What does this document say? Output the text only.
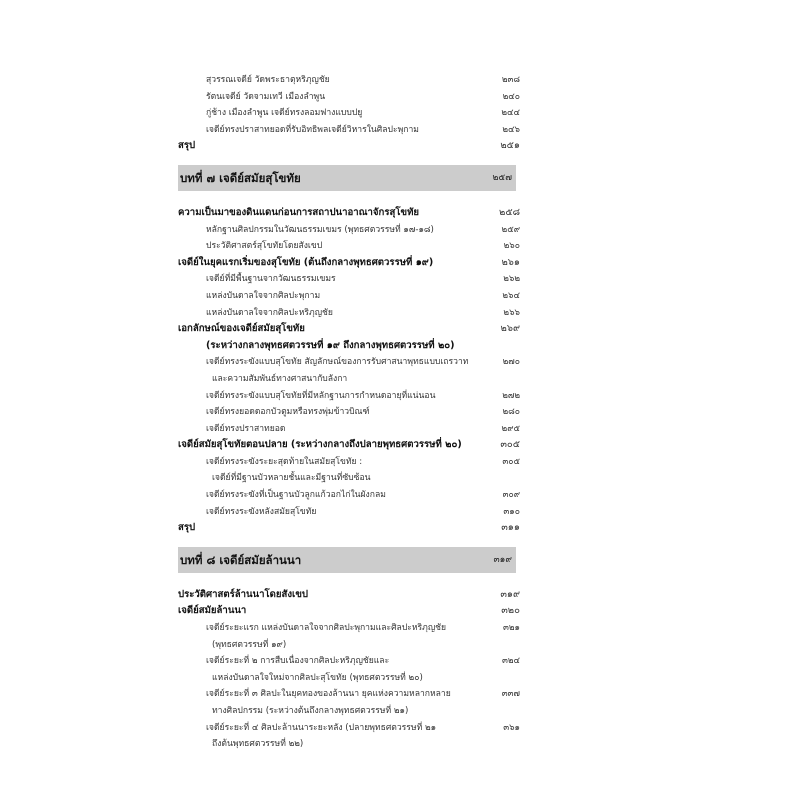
สุวรรณเจดีย์ วัดพระธาตุหริภุญชัย	๒๓๘
รัตนเจดีย์ วัดจามเทวี เมืองลำพูน	๒๔๐
กู่ช้าง เมืองลำพูน เจดีย์ทรงลอมฟางแบบปยู	๒๔๔
เจดีย์ทรงปราสาทยอดที่รับอิทธิพลเจดีย์วิหารในศิลปะพุกาม	๒๔๖
สรุป	๒๕๑
บทที่ ๗ เจดีย์สมัยสุโขทัย	๒๕๗
ความเป็นมาของดินแดนก่อนการสถาปนาอาณาจักรสุโขทัย	๒๕๘
หลักฐานศิลปกรรมในวัฒนธรรมเขมร (พุทธศตวรรษที่ ๑๗-๑๘)	๒๕๙
ประวัติศาสตร์สุโขทัยโดยสังเขป	๒๖๐
เจดีย์ในยุคแรกเริ่มของสุโขทัย (ต้นถึงกลางพุทธศตวรรษที่ ๑๙)	๒๖๑
เจดีย์ที่มีพื้นฐานจากวัฒนธรรมเขมร	๒๖๒
แหล่งบันดาลใจจากศิลปะพุกาม	๒๖๔
แหล่งบันดาลใจจากศิลปะหริภุญชัย	๒๖๖
เอกลักษณ์ของเจดีย์สมัยสุโขทัย	๒๖๙
(ระหว่างกลางพุทธศตวรรษที่ ๑๙ ถึงกลางพุทธศตวรรษที่ ๒๐)
เจดีย์ทรงระฆังแบบสุโขทัย สัญลักษณ์ของการรับศาสนาพุทธแบบเถรวาท	๒๗๐
และความสัมพันธ์ทางศาสนากับลังกา
เจดีย์ทรงระฆังแบบสุโขทัยที่มีหลักฐานการกำหนดอายุที่แน่นอน	๒๗๒
เจดีย์ทรงยอดดอกบัวตูมหรือทรงพุ่มข้าวบิณฑ์	๒๘๐
เจดีย์ทรงปราสาทยอด	๒๙๕
เจดีย์สมัยสุโขทัยตอนปลาย (ระหว่างกลางถึงปลายพุทธศตวรรษที่ ๒๐)	๓๐๕
เจดีย์ทรงระฆังระยะสุดท้ายในสมัยสุโขทัย :	๓๐๕
เจดีย์ที่มีฐานบัวหลายชั้นและมีฐานที่ซับซ้อน
เจดีย์ทรงระฆังที่เป็นฐานบัวลูกแก้วอกไก่ในผังกลม	๓๐๙
เจดีย์ทรงระฆังหลังสมัยสุโขทัย	๓๑๐
สรุป	๓๑๑
บทที่ ๘ เจดีย์สมัยล้านนา	๓๑๙
ประวัติศาสตร์ล้านนาโดยสังเขป	๓๑๙
เจดีย์สมัยล้านนา	๓๒๐
เจดีย์ระยะแรก แหล่งบันดาลใจจากศิลปะพุกามและศิลปะหริภุญชัย	๓๒๑
(พุทธศตวรรษที่ ๑๙)
เจดีย์ระยะที่ ๒ การสืบเนื่องจากศิลปะหริภุญชัยและ	๓๒๔
แหล่งบันดาลใจใหม่จากศิลปะสุโขทัย (พุทธศตวรรษที่ ๒๐)
เจดีย์ระยะที่ ๓ ศิลปะในยุคทองของล้านนา ยุคแห่งความหลากหลาย	๓๓๗
ทางศิลปกรรม (ระหว่างต้นถึงกลางพุทธศตวรรษที่ ๒๑)
เจดีย์ระยะที่ ๔ ศิลปะล้านนาระยะหลัง (ปลายพุทธศตวรรษที่ ๒๑	๓๖๑
ถึงต้นพุทธศตวรรษที่ ๒๒)
